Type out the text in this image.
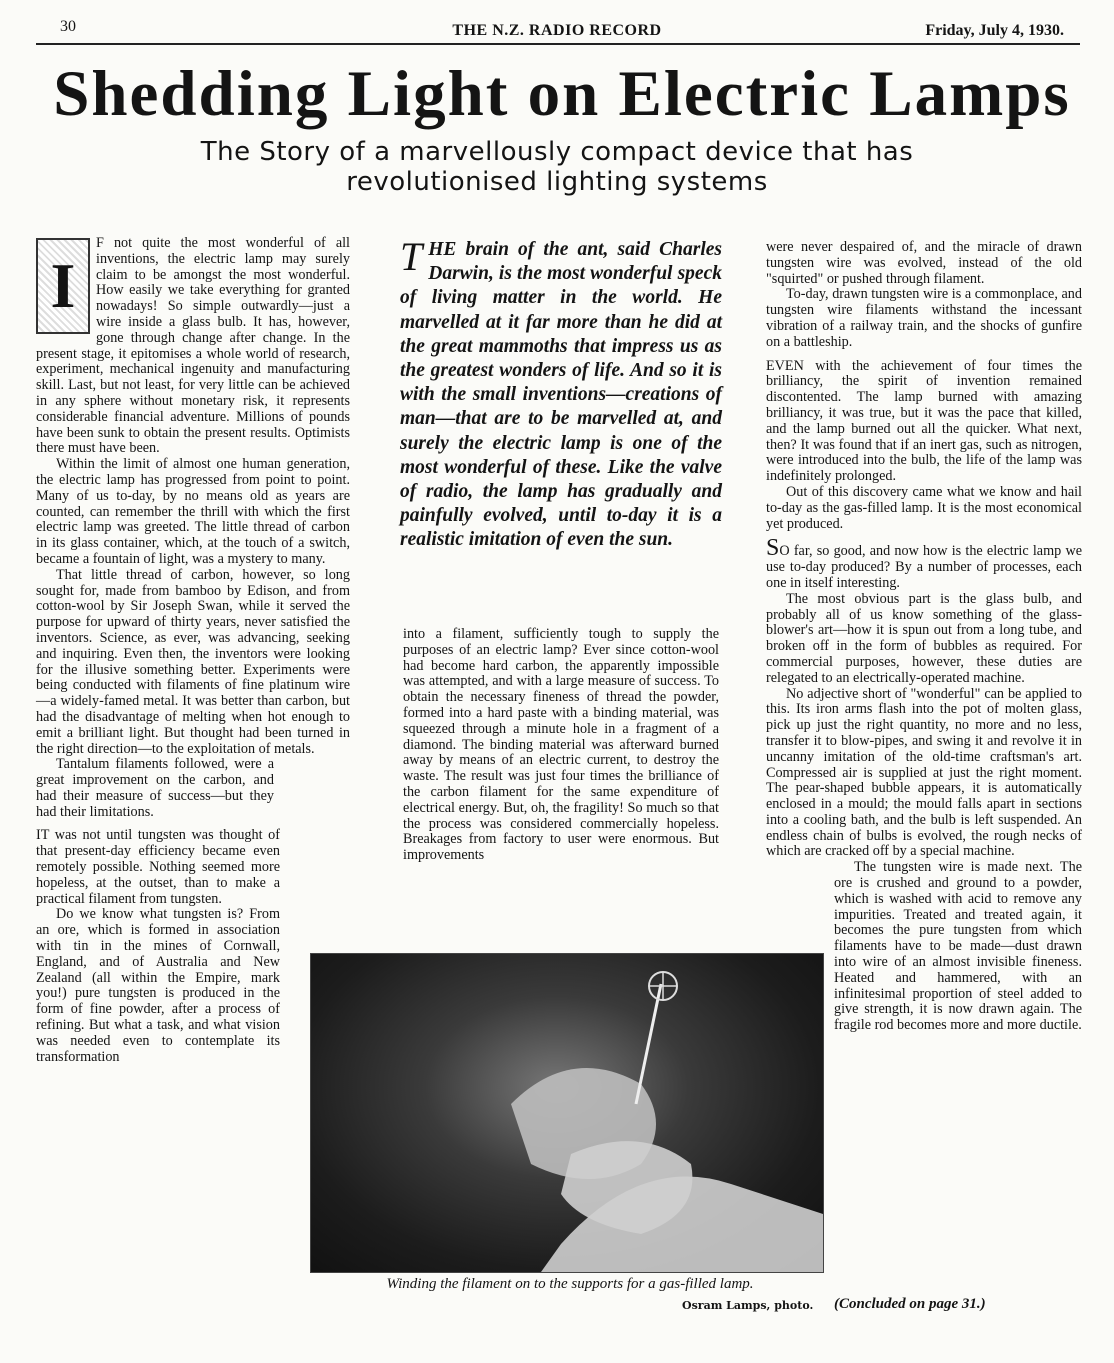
30	THE N.Z. RADIO RECORD	Friday, July 4, 1930.
Shedding Light on Electric Lamps
The Story of a marvellously compact device that has revolutionised lighting systems

I
F not quite the most wonderful of all inventions, the electric lamp may surely claim to be amongst the most wonderful. How easily we take everything for granted nowadays! So simple outwardly—just a wire inside a glass bulb. It has, however, gone through change after change. In the present stage, it epitomises a whole world of research, experiment, mechanical ingenuity and manufacturing skill. Last, but not least, for very little can be achieved in any sphere without monetary risk, it represents considerable financial adventure. Millions of pounds have been sunk to obtain the present results. Optimists there must have been.

Within the limit of almost one human generation, the electric lamp has progressed from point to point. Many of us to-day, by no means old as years are counted, can remember the thrill with which the first electric lamp was greeted. The little thread of carbon in its glass container, which, at the touch of a switch, became a fountain of light, was a mystery to many.

That little thread of carbon, however, so long sought for, made from bamboo by Edison, and from cotton-wool by Sir Joseph Swan, while it served the purpose for upward of thirty years, never satisfied the inventors. Science, as ever, was advancing, seeking and inquiring. Even then, the inventors were looking for the illusive something better. Experiments were being conducted with filaments of fine platinum wire—a widely-famed metal. It was better than carbon, but had the disadvantage of melting when hot enough to emit a brilliant light. But thought had been turned in the right direction—to the exploitation of metals.

Tantalum filaments followed, were a great improvement on the carbon, and had their measure of success—but they had their limitations.

IT was not until tungsten was thought of that present-day efficiency became even remotely possible. Nothing seemed more hopeless, at the outset, than to make a practical filament from tungsten.

Do we know what tungsten is? From an ore, which is formed in association with tin in the mines of Cornwall, England, and of Australia and New Zealand (all within the Empire, mark you!) pure tungsten is produced in the form of fine powder, after a process of refining. But what a task, and what vision was needed even to contemplate its transformation

THE brain of the ant, said Charles Darwin, is the most wonderful speck of living matter in the world. He marvelled at it far more than he did at the great mammoths that impress us as the greatest wonders of life. And so it is with the small inventions—creations of man—that are to be marvelled at, and surely the electric lamp is one of the most wonderful of these. Like the valve of radio, the lamp has gradually and painfully evolved, until to-day it is a realistic imitation of even the sun.

into a filament, sufficiently tough to supply the purposes of an electric lamp? Ever since cotton-wool had become hard carbon, the apparently impossible was attempted, and with a large measure of success. To obtain the necessary fineness of thread the powder, formed into a hard paste with a binding material, was squeezed through a minute hole in a fragment of a diamond. The binding material was afterward burned away by means of an electric current, to destroy the waste. The result was just four times the brilliance of the carbon filament for the same expenditure of electrical energy. But, oh, the fragility! So much so that the process was considered commercially hopeless. Breakages from factory to user were enormous. But improvements

were never despaired of, and the miracle of drawn tungsten wire was evolved, instead of the old "squirted" or pushed through filament.

To-day, drawn tungsten wire is a commonplace, and tungsten wire filaments withstand the incessant vibration of a railway train, and the shocks of gunfire on a battleship.

EVEN with the achievement of four times the brilliancy, the spirit of invention remained discontented. The lamp burned with amazing brilliancy, it was true, but it was the pace that killed, and the lamp burned out all the quicker. What next, then? It was found that if an inert gas, such as nitrogen, were introduced into the bulb, the life of the lamp was indefinitely prolonged.

Out of this discovery came what we know and hail to-day as the gas-filled lamp. It is the most economical yet produced.

SO far, so good, and now how is the electric lamp we use to-day produced? By a number of processes, each one in itself interesting.

The most obvious part is the glass bulb, and probably all of us know something of the glass-blower's art—how it is spun out from a long tube, and broken off in the form of bubbles as required. For commercial purposes, however, these duties are relegated to an electrically-operated machine.

No adjective short of "wonderful" can be applied to this. Its iron arms flash into the pot of molten glass, pick up just the right quantity, no more and no less, transfer it to blow-pipes, and swing it and revolve it in uncanny imitation of the old-time craftsman's art. Compressed air is supplied at just the right moment. The pear-shaped bubble appears, it is automatically enclosed in a mould; the mould falls apart in sections into a cooling bath, and the bulb is left suspended. An endless chain of bulbs is evolved, the rough necks of which are cracked off by a special machine.

The tungsten wire is made next. The ore is crushed and ground to a powder, which is washed with acid to remove any impurities. Treated and treated again, it becomes the pure tungsten from which filaments have to be made—dust drawn into wire of an almost invisible fineness. Heated and hammered, with an infinitesimal proportion of steel added to give strength, it is now drawn again. The fragile rod becomes more and more ductile.

Winding the filament on to the supports for a gas-filled lamp.
Osram Lamps, photo. (Concluded on page 31.)
